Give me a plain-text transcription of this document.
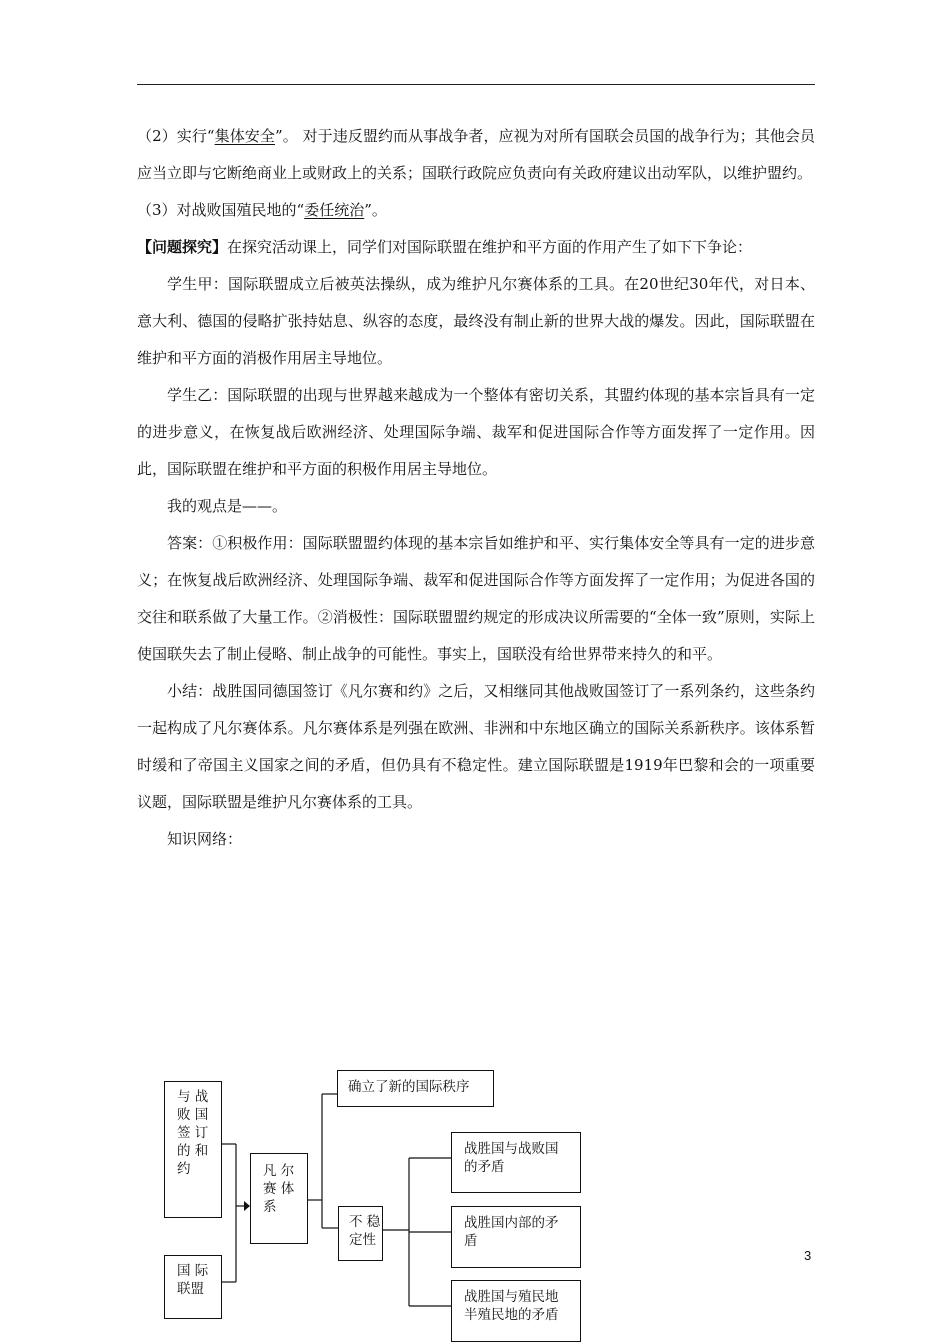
（2）实行“集体安全”。 对于违反盟约而从事战争者，应视为对所有国联会员国的战争行为；其他会员应当立即与它断绝商业上或财政上的关系；国联行政院应负责向有关政府建议出动军队，以维护盟约。

（3）对战败国殖民地的“委任统治”。

【问题探究】在探究活动课上，同学们对国际联盟在维护和平方面的作用产生了如下下争论：

学生甲：国际联盟成立后被英法操纵，成为维护凡尔赛体系的工具。在20世纪30年代，对日本、意大利、德国的侵略扩张持姑息、纵容的态度，最终没有制止新的世界大战的爆发。因此，国际联盟在维护和平方面的消极作用居主导地位。

学生乙：国际联盟的出现与世界越来越成为一个整体有密切关系，其盟约体现的基本宗旨具有一定的进步意义，在恢复战后欧洲经济、处理国际争端、裁军和促进国际合作等方面发挥了一定作用。因此，国际联盟在维护和平方面的积极作用居主导地位。

我的观点是——。

答案：①积极作用：国际联盟盟约体现的基本宗旨如维护和平、实行集体安全等具有一定的进步意义；在恢复战后欧洲经济、处理国际争端、裁军和促进国际合作等方面发挥了一定作用；为促进各国的交往和联系做了大量工作。②消极性：国际联盟盟约规定的形成决议所需要的“全体一致”原则，实际上使国联失去了制止侵略、制止战争的可能性。事实上，国联没有给世界带来持久的和平。

小结：战胜国同德国签订《凡尔赛和约》之后，又相继同其他战败国签订了一系列条约，这些条约一起构成了凡尔赛体系。凡尔赛体系是列强在欧洲、非洲和中东地区确立的国际关系新秩序。该体系暂时缓和了帝国主义国家之间的矛盾，但仍具有不稳定性。建立国际联盟是1919年巴黎和会的一项重要议题，国际联盟是维护凡尔赛体系的工具。

知识网络：

与 战
败 国
签 订
的 和
约
国 际
联盟
凡 尔
赛 体
系
确立了新的国际秩序
不 稳
定性
战胜国与战败国
的矛盾
战胜国内部的矛
盾
战胜国与殖民地
半殖民地的矛盾
3
